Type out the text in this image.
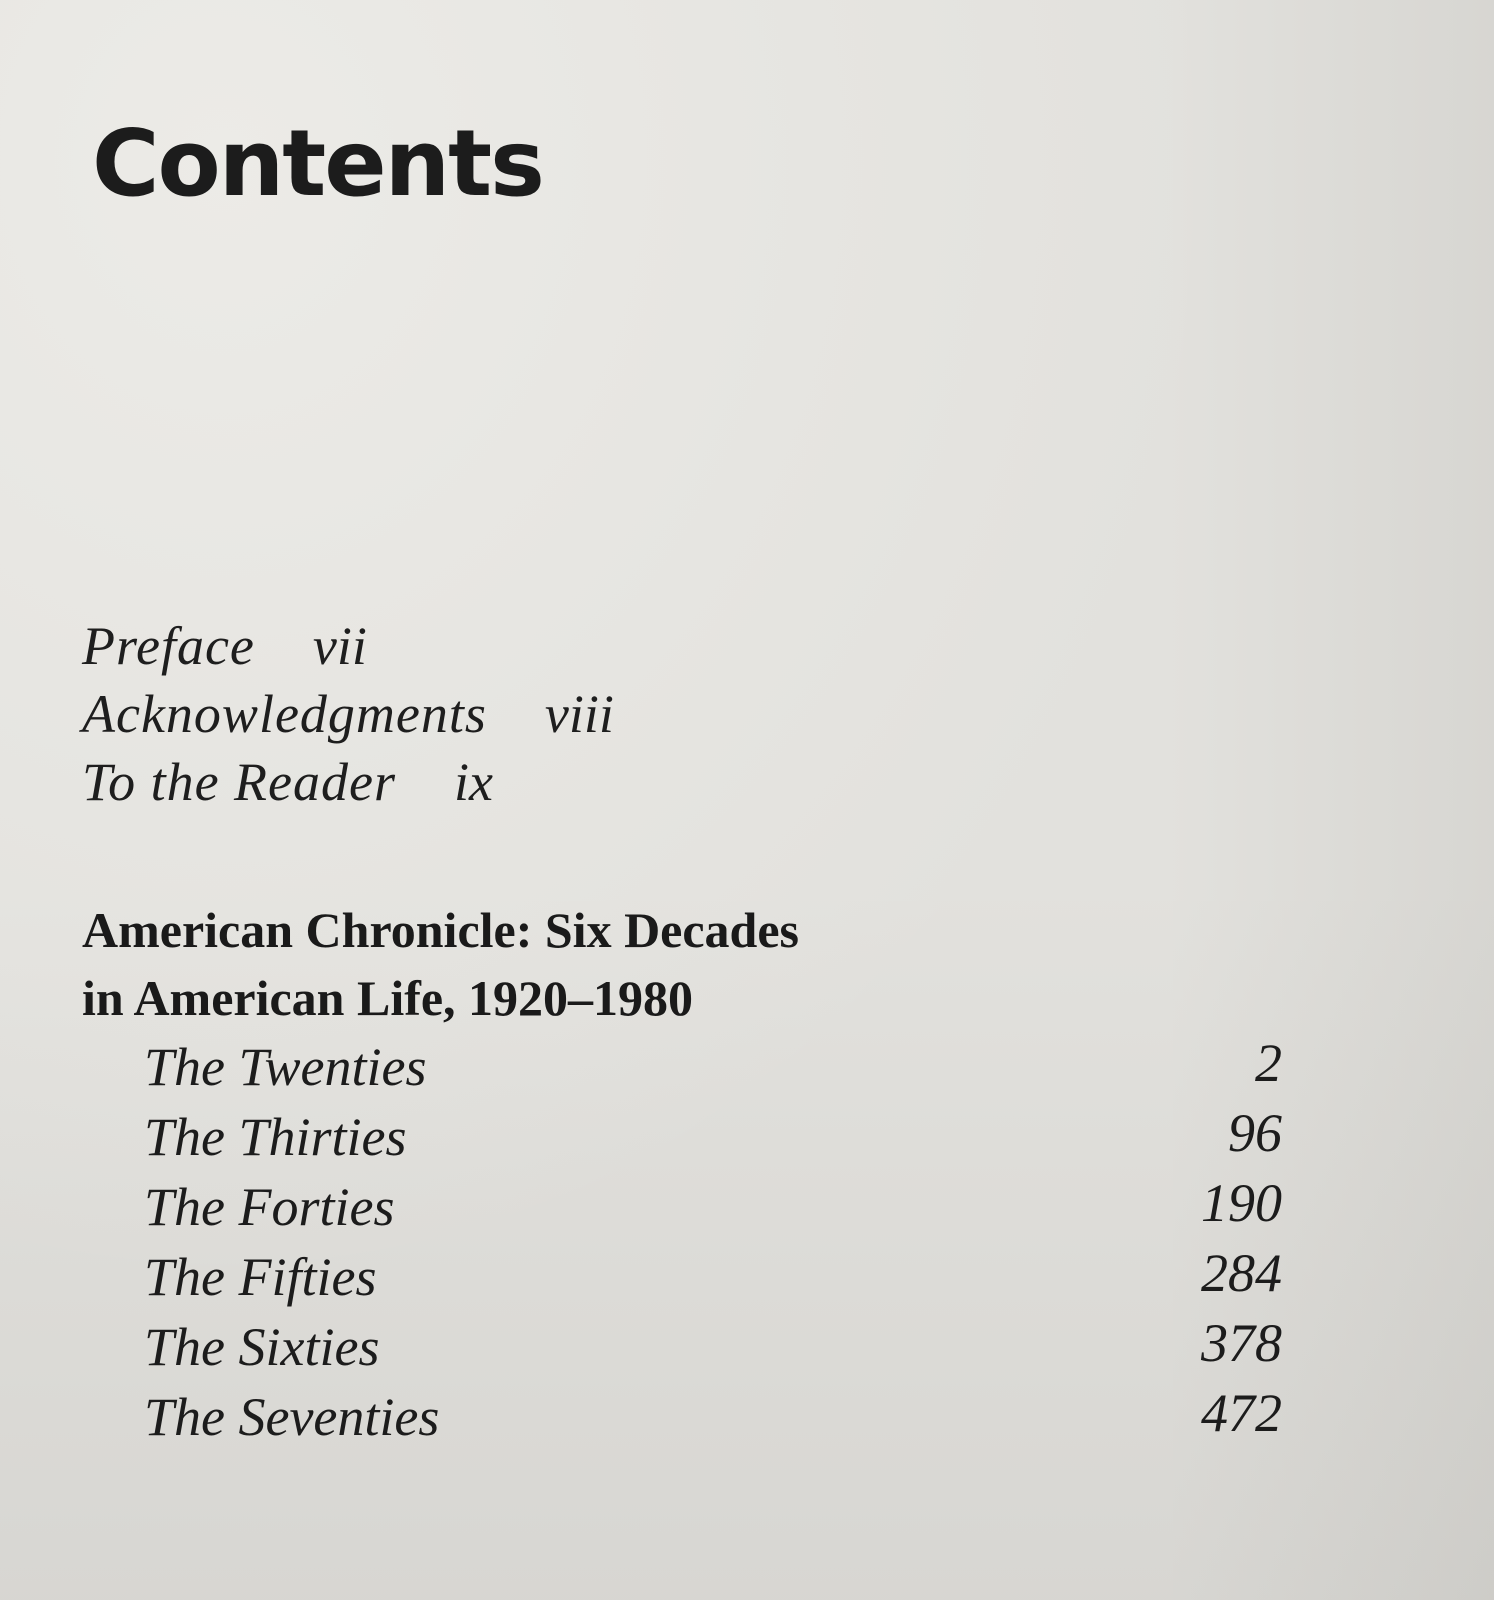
Contents
Preface vii
Acknowledgments viii
To the Reader ix
American Chronicle: Six Decades
in American Life, 1920–1980
The Twenties	2
The Thirties	96
The Forties	190
The Fifties	284
The Sixties	378
The Seventies	472
